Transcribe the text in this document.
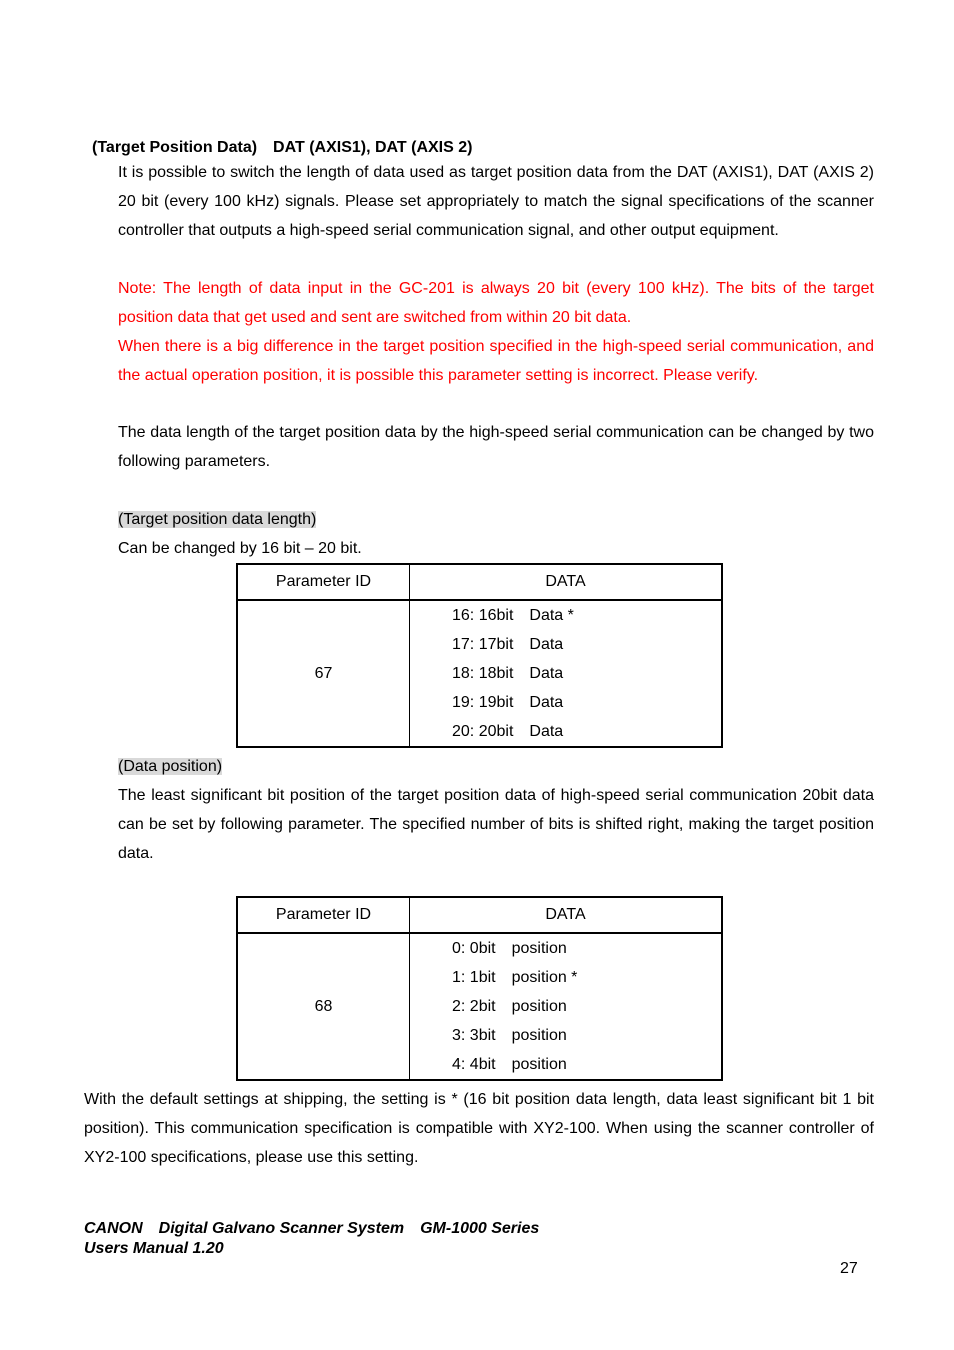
(Target Position Data)　DAT (AXIS1), DAT (AXIS 2)
It is possible to switch the length of data used as target position data from the DAT (AXIS1), DAT (AXIS 2) 20 bit (every 100 kHz) signals. Please set appropriately to match the signal specifications of the scanner controller that outputs a high-speed serial communication signal, and other output equipment.
Note: The length of data input in the GC-201 is always 20 bit (every 100 kHz). The bits of the target position data that get used and sent are switched from within 20 bit data.
When there is a big difference in the target position specified in the high-speed serial communication, and the actual operation position, it is possible this parameter setting is incorrect. Please verify.
The data length of the target position data by the high-speed serial communication can be changed by two following parameters.
(Target position data length)
Can be changed by 16 bit – 20 bit.
Parameter ID	DATA
67	16: 16bit　Data *
17: 17bit　Data
18: 18bit　Data
19: 19bit　Data
20: 20bit　Data
(Data position)
The least significant bit position of the target position data of high-speed serial communication 20bit data can be set by following parameter. The specified number of bits is shifted right, making the target position data.
Parameter ID	DATA
68	0: 0bit　position
1: 1bit　position *
2: 2bit　position
3: 3bit　position
4: 4bit　position
With the default settings at shipping, the setting is * (16 bit position data length, data least significant bit 1 bit position). This communication specification is compatible with XY2-100. When using the scanner controller of XY2-100 specifications, please use this setting.
CANON　Digital Galvano Scanner System　GM-1000 Series
Users Manual 1.20
27
